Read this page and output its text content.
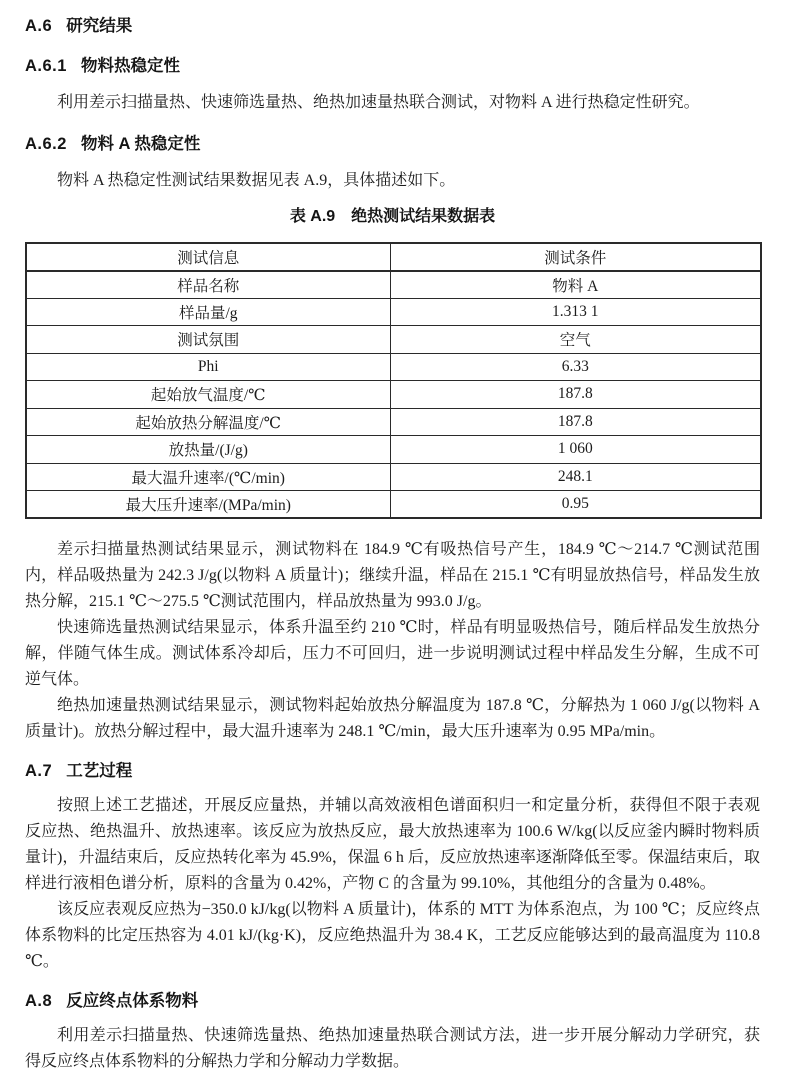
A.6 研究结果
A.6.1 物料热稳定性

利用差示扫描量热、快速筛选量热、绝热加速量热联合测试，对物料 A 进行热稳定性研究。

A.6.2 物料 A 热稳定性

物料 A 热稳定性测试结果数据见表 A.9，具体描述如下。

表 A.9 绝热测试结果数据表
测试信息	测试条件
样品名称	物料 A
样品量/g	1.313 1
测试氛围	空气
Phi	6.33
起始放气温度/℃	187.8
起始放热分解温度/℃	187.8
放热量/(J/g)	1 060
最大温升速率/(℃/min)	248.1
最大压升速率/(MPa/min)	0.95

差示扫描量热测试结果显示，测试物料在 184.9 ℃有吸热信号产生，184.9 ℃～214.7 ℃测试范围内，样品吸热量为 242.3 J/g(以物料 A 质量计)；继续升温，样品在 215.1 ℃有明显放热信号，样品发生放热分解，215.1 ℃～275.5 ℃测试范围内，样品放热量为 993.0 J/g。

快速筛选量热测试结果显示，体系升温至约 210 ℃时，样品有明显吸热信号，随后样品发生放热分解，伴随气体生成。测试体系冷却后，压力不可回归，进一步说明测试过程中样品发生分解，生成不可逆气体。

绝热加速量热测试结果显示，测试物料起始放热分解温度为 187.8 ℃，分解热为 1 060 J/g(以物料 A 质量计)。放热分解过程中，最大温升速率为 248.1 ℃/min，最大压升速率为 0.95 MPa/min。

A.7 工艺过程

按照上述工艺描述，开展反应量热，并辅以高效液相色谱面积归一和定量分析，获得但不限于表观反应热、绝热温升、放热速率。该反应为放热反应，最大放热速率为 100.6 W/kg(以反应釜内瞬时物料质量计)，升温结束后，反应热转化率为 45.9%，保温 6 h 后，反应放热速率逐渐降低至零。保温结束后，取样进行液相色谱分析，原料的含量为 0.42%，产物 C 的含量为 99.10%，其他组分的含量为 0.48%。

该反应表观反应热为−350.0 kJ/kg(以物料 A 质量计)，体系的 MTT 为体系泡点，为 100 ℃；反应终点体系物料的比定压热容为 4.01 kJ/(kg·K)，反应绝热温升为 38.4 K，工艺反应能够达到的最高温度为 110.8 ℃。

A.8 反应终点体系物料

利用差示扫描量热、快速筛选量热、绝热加速量热联合测试方法，进一步开展分解动力学研究，获得反应终点体系物料的分解热力学和分解动力学数据。
